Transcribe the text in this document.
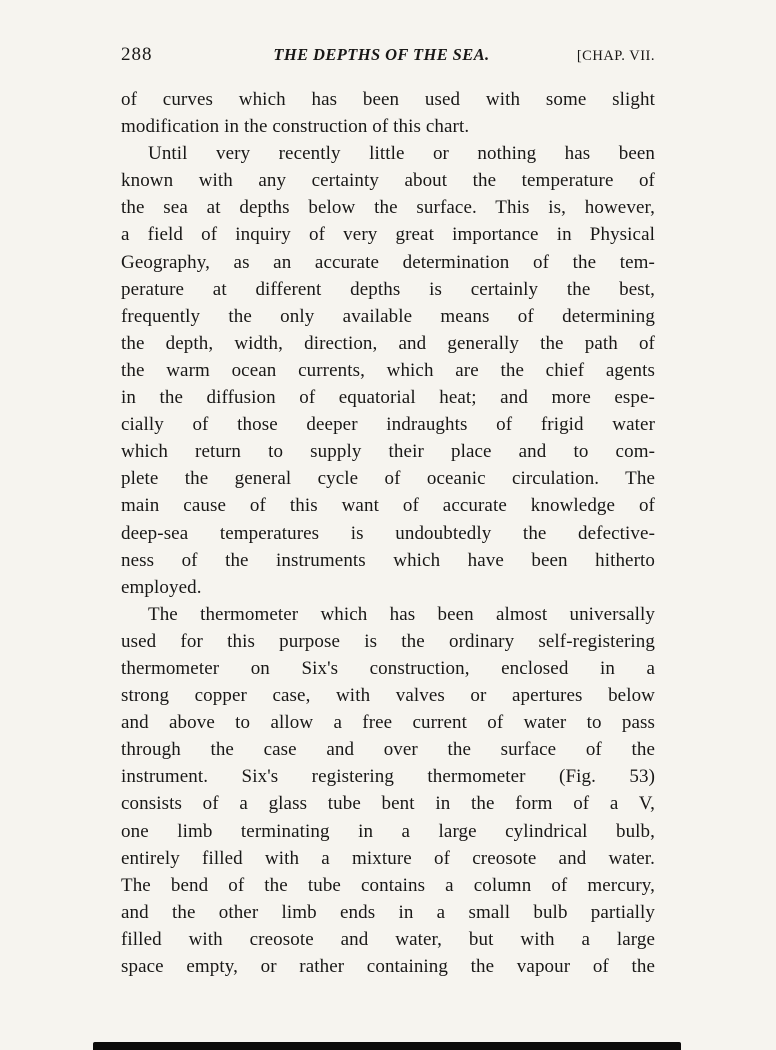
288	THE DEPTHS OF THE SEA.	[CHAP. VII.
of curves which has been used with some slight
modification in the construction of this chart.
Until very recently little or nothing has been
known with any certainty about the temperature of
the sea at depths below the surface. This is, however,
a field of inquiry of very great importance in Physical
Geography, as an accurate determination of the tem-
perature at different depths is certainly the best,
frequently the only available means of determining
the depth, width, direction, and generally the path of
the warm ocean currents, which are the chief agents
in the diffusion of equatorial heat; and more espe-
cially of those deeper indraughts of frigid water
which return to supply their place and to com-
plete the general cycle of oceanic circulation. The
main cause of this want of accurate knowledge of
deep-sea temperatures is undoubtedly the defective-
ness of the instruments which have been hitherto
employed.
The thermometer which has been almost universally
used for this purpose is the ordinary self-registering
thermometer on Six's construction, enclosed in a
strong copper case, with valves or apertures below
and above to allow a free current of water to pass
through the case and over the surface of the
instrument. Six's registering thermometer (Fig. 53)
consists of a glass tube bent in the form of a V,
one limb terminating in a large cylindrical bulb,
entirely filled with a mixture of creosote and water.
The bend of the tube contains a column of mercury,
and the other limb ends in a small bulb partially
filled with creosote and water, but with a large
space empty, or rather containing the vapour of the
